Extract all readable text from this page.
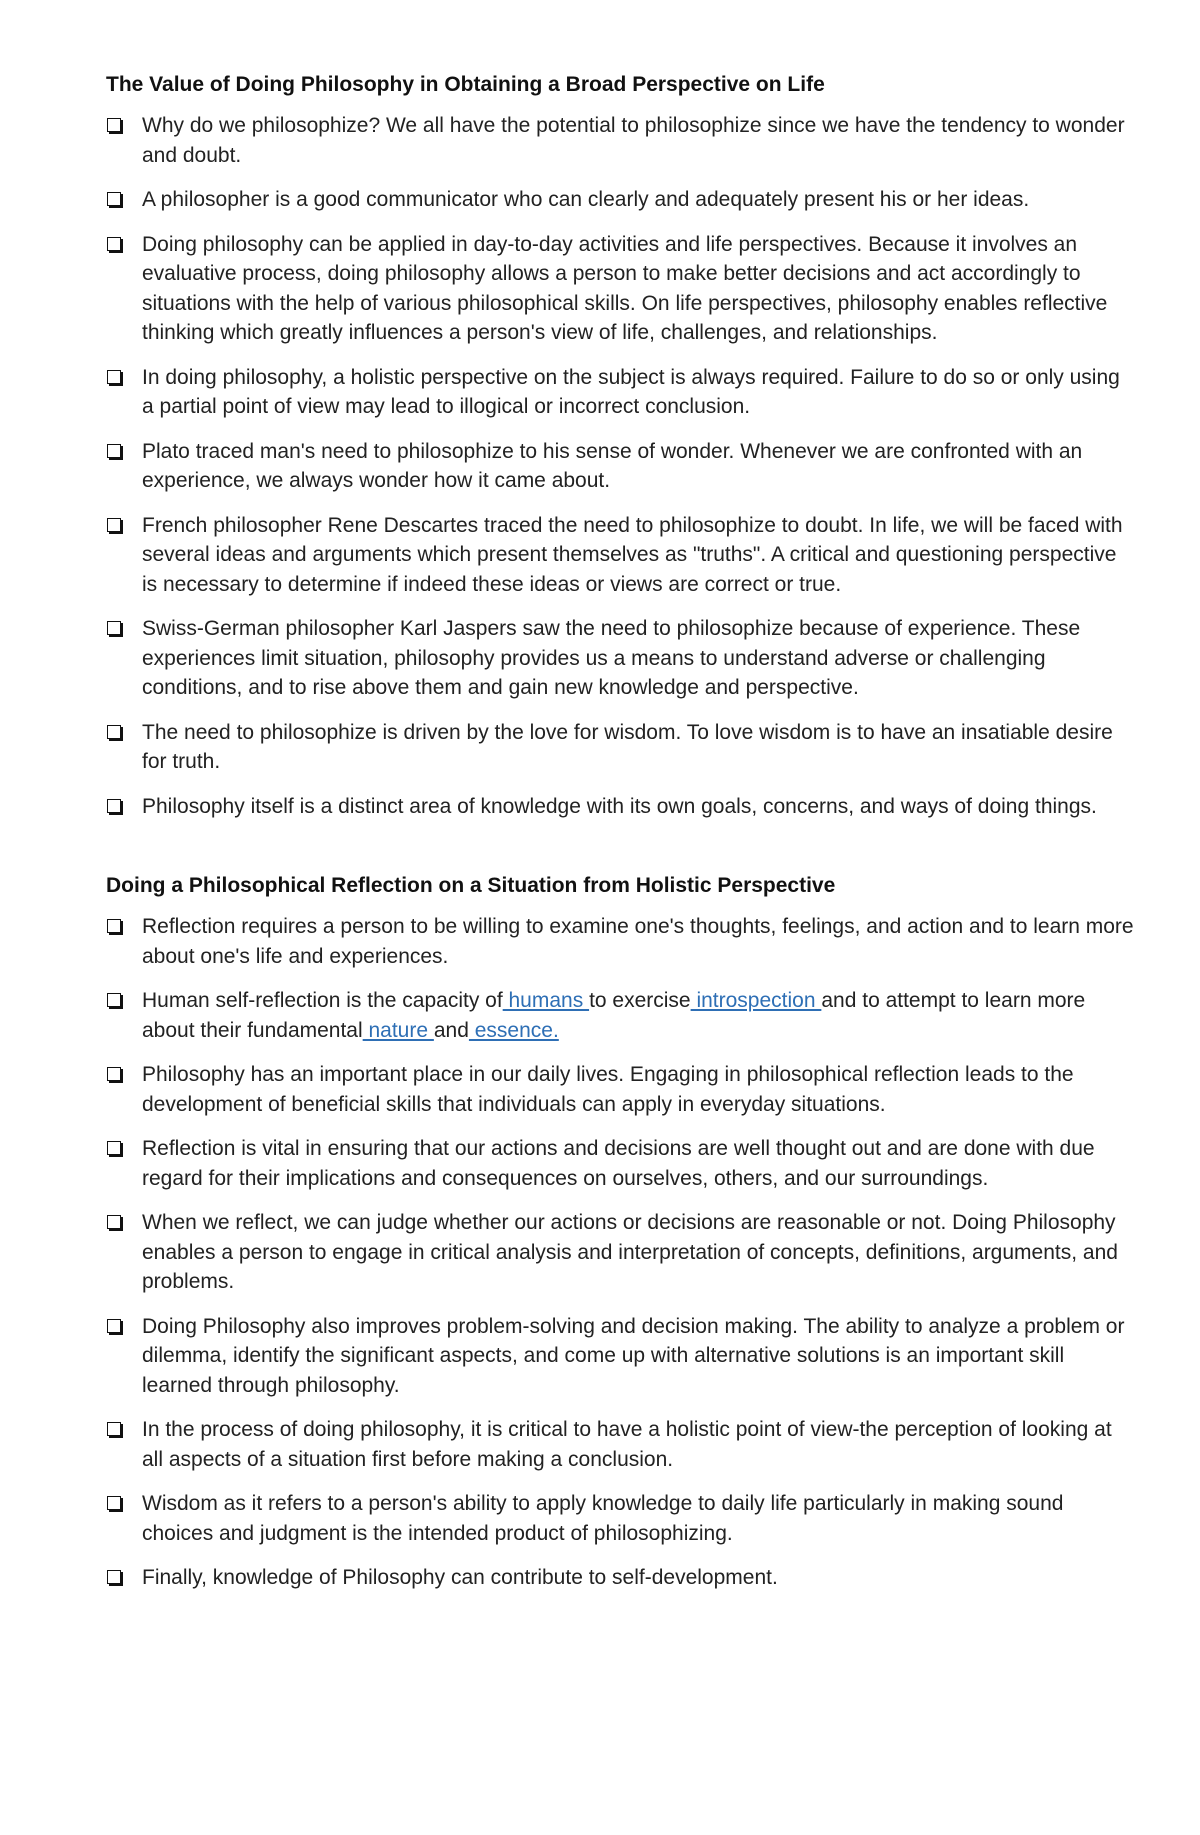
The Value of Doing Philosophy in Obtaining a Broad Perspective on Life
Why do we philosophize? We all have the potential to philosophize since we have the tendency to wonder and doubt.
A philosopher is a good communicator who can clearly and adequately present his or her ideas.
Doing philosophy can be applied in day-to-day activities and life perspectives. Because it involves an evaluative process, doing philosophy allows a person to make better decisions and act accordingly to situations with the help of various philosophical skills. On life perspectives, philosophy enables reflective thinking which greatly influences a person's view of life, challenges, and relationships.
In doing philosophy, a holistic perspective on the subject is always required. Failure to do so or only using a partial point of view may lead to illogical or incorrect conclusion.
Plato traced man's need to philosophize to his sense of wonder. Whenever we are confronted with an experience, we always wonder how it came about.
French philosopher Rene Descartes traced the need to philosophize to doubt. In life, we will be faced with several ideas and arguments which present themselves as "truths". A critical and questioning perspective is necessary to determine if indeed these ideas or views are correct or true.
Swiss-German philosopher Karl Jaspers saw the need to philosophize because of experience. These experiences limit situation, philosophy provides us a means to understand adverse or challenging conditions, and to rise above them and gain new knowledge and perspective.
The need to philosophize is driven by the love for wisdom. To love wisdom is to have an insatiable desire for truth.
Philosophy itself is a distinct area of knowledge with its own goals, concerns, and ways of doing things.
Doing a Philosophical Reflection on a Situation from Holistic Perspective
Reflection requires a person to be willing to examine one's thoughts, feelings, and action and to learn more about one's life and experiences.
Human self-reflection is the capacity of humans to exercise introspection and to attempt to learn more about their fundamental nature and essence.
Philosophy has an important place in our daily lives. Engaging in philosophical reflection leads to the development of beneficial skills that individuals can apply in everyday situations.
Reflection is vital in ensuring that our actions and decisions are well thought out and are done with due regard for their implications and consequences on ourselves, others, and our surroundings.
When we reflect, we can judge whether our actions or decisions are reasonable or not. Doing Philosophy enables a person to engage in critical analysis and interpretation of concepts, definitions, arguments, and problems.
Doing Philosophy also improves problem-solving and decision making. The ability to analyze a problem or dilemma, identify the significant aspects, and come up with alternative solutions is an important skill learned through philosophy.
In the process of doing philosophy, it is critical to have a holistic point of view-the perception of looking at all aspects of a situation first before making a conclusion.
Wisdom as it refers to a person's ability to apply knowledge to daily life particularly in making sound choices and judgment is the intended product of philosophizing.
Finally, knowledge of Philosophy can contribute to self-development.
